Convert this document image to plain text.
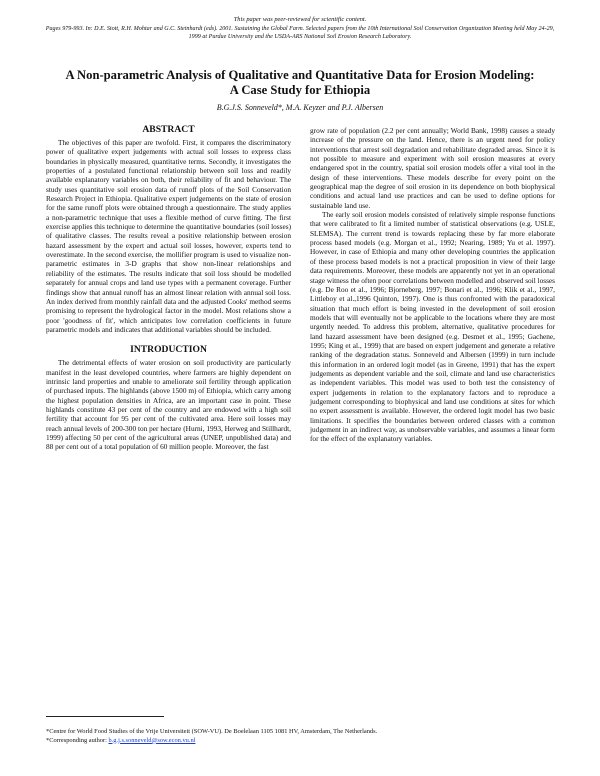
This paper was peer-reviewed for scientific content.
Pages 979-993. In: D.E. Stott, R.H. Mohtar and G.C. Steinhardt (eds). 2001. Sustaining the Global Farm. Selected papers from the 10th International Soil Conservation Organization Meeting held May 24-29, 1999 at Purdue University and the USDA-ARS National Soil Erosion Research Laboratory.
A Non-parametric Analysis of Qualitative and Quantitative Data for Erosion Modeling: A Case Study for Ethiopia
B.G.J.S. Sonneveld*, M.A. Keyzer and P.J. Albersen
ABSTRACT

The objectives of this paper are twofold. First, it compares the discriminatory power of qualitative expert judgements with actual soil losses to express class boundaries in physically measured, quantitative terms. Secondly, it investigates the properties of a postulated functional relationship between soil loss and readily available explanatory variables on both, their reliability of fit and behaviour. The study uses quantitative soil erosion data of runoff plots of the Soil Conservation Research Project in Ethiopia. Qualitative expert judgements on the state of erosion for the same runoff plots were obtained through a questionnaire. The study applies a non-parametric technique that uses a flexible method of curve fitting. The first exercise applies this technique to determine the quantitative boundaries (soil losses) of qualitative classes. The results reveal a positive relationship between erosion hazard assessment by the expert and actual soil losses, however, experts tend to overestimate. In the second exercise, the mollifier program is used to visualize non-parametric estimates in 3-D graphs that show non-linear relationships and reliability of the estimates. The results indicate that soil loss should be modelled separately for annual crops and land use types with a permanent coverage. Further findings show that annual runoff has an almost linear relation with annual soil loss. An index derived from monthly rainfall data and the adjusted Cooks' method seems promising to represent the hydrological factor in the model. Most relations show a poor 'goodness of fit', which anticipates low correlation coefficients in future parametric models and indicates that additional variables should be included.

INTRODUCTION

The detrimental effects of water erosion on soil productivity are particularly manifest in the least developed countries, where farmers are highly dependent on intrinsic land properties and unable to ameliorate soil fertility through application of purchased inputs. The highlands (above 1500 m) of Ethiopia, which carry among the highest population densities in Africa, are an important case in point. These highlands constitute 43 per cent of the country and are endowed with a high soil fertility that account for 95 per cent of the cultivated area. Here soil losses may reach annual levels of 200-300 ton per hectare (Hurni, 1993, Herweg and Stillhardt, 1999) affecting 50 per cent of the agricultural areas (UNEP, unpublished data) and 88 per cent out of a total population of 60 million people. Moreover, the fast

grow rate of population (2.2 per cent annually; World Bank, 1998) causes a steady increase of the pressure on the land. Hence, there is an urgent need for policy interventions that arrest soil degradation and rehabilitate degraded areas. Since it is not possible to measure and experiment with soil erosion measures at every endangered spot in the country, spatial soil erosion models offer a vital tool in the design of these interventions. These models describe for every point on the geographical map the degree of soil erosion in its dependence on both biophysical conditions and actual land use practices and can be used to define options for sustainable land use.

The early soil erosion models consisted of relatively simple response functions that were calibrated to fit a limited number of statistical observations (e.g. USLE, SLEMSA). The current trend is towards replacing these by far more elaborate process based models (e.g. Morgan et al., 1992; Nearing, 1989; Yu et al. 1997). However, in case of Ethiopia and many other developing countries the application of these process based models is not a practical proposition in view of their large data requirements. Moreover, these models are apparently not yet in an operational stage witness the often poor correlations between modelled and observed soil losses (e.g. De Roo et al., 1996; Bjorneberg, 1997; Bonari et al., 1996; Klik et al., 1997, Littleboy et al.,1996 Quinton, 1997). One is thus confronted with the paradoxical situation that much effort is being invested in the development of soil erosion models that will eventually not be applicable to the locations where they are most urgently needed. To address this problem, alternative, qualitative procedures for land hazard assessment have been designed (e.g. Desmet et al., 1995; Gachene, 1995; King et al., 1999) that are based on expert judgement and generate a relative ranking of the degradation status. Sonneveld and Albersen (1999) in turn include this information in an ordered logit model (as in Greene, 1991) that has the expert judgements as dependent variable and the soil, climate and land use characteristics as independent variables. This model was used to both test the consistency of expert judgements in relation to the explanatory factors and to reproduce a judgement corresponding to biophysical and land use conditions at sites for which no expert assessment is available. However, the ordered logit model has two basic limitations. It specifies the boundaries between ordered classes with a common judgement in an indirect way, as unobservable variables, and assumes a linear form for the effect of the explanatory variables.

*Centre for World Food Studies of the Vrije Universiteit (SOW-VU). De Boelelaan 1105 1081 HV, Amsterdam, The Netherlands.
*Corresponding author: b.g.j.s.sonneveld@sow.econ.vu.nl
